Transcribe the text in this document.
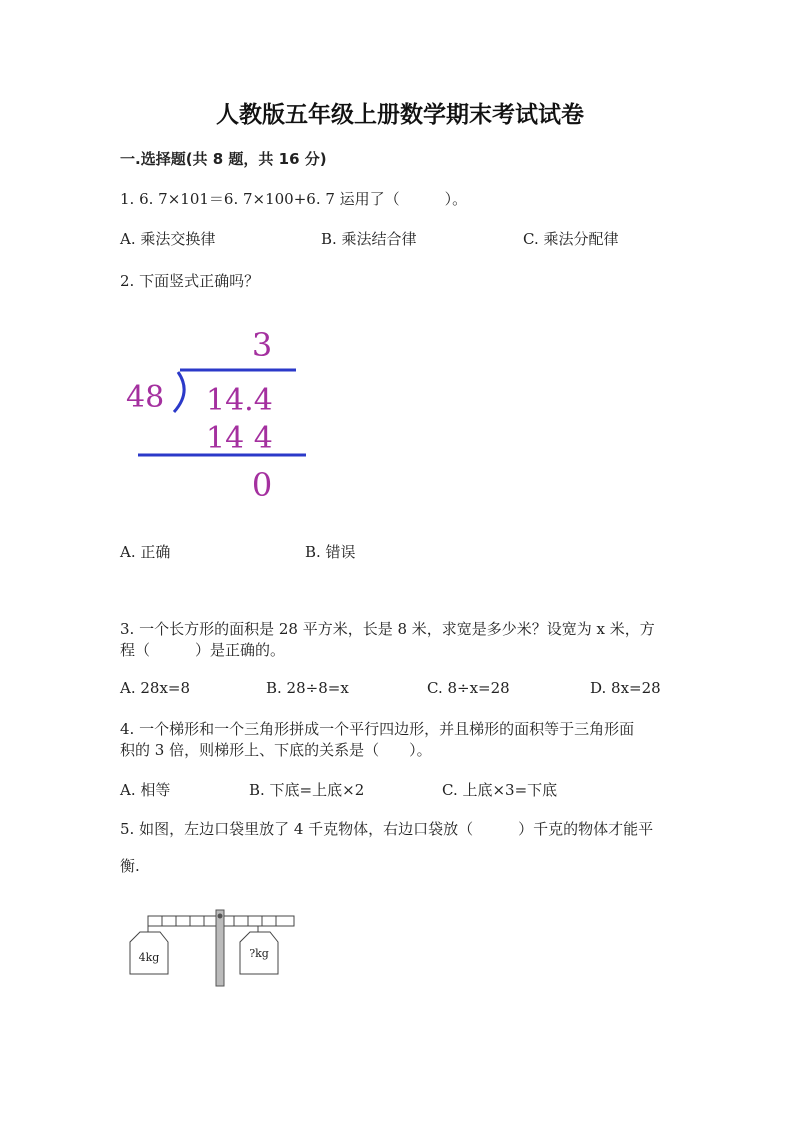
人教版五年级上册数学期末考试试卷
一.选择题(共 8 题，共 16 分)
1. 6. 7×101＝6. 7×100+6. 7 运用了（　　　）。
A. 乘法交换律	B. 乘法结合律	C. 乘法分配律
2. 下面竖式正确吗？
3
48 14.4
14 4
0
A. 正确	B. 错误
3. 一个长方形的面积是 28 平方米，长是 8 米，求宽是多少米？设宽为 x 米，方
程（　　　）是正确的。
A. 28x=8	B. 28÷8=x	C. 8÷x=28	D. 8x=28
4. 一个梯形和一个三角形拼成一个平行四边形，并且梯形的面积等于三角形面
积的 3 倍，则梯形上、下底的关系是（　　）。
A. 相等	B. 下底=上底×2	C. 上底×3=下底
5. 如图，左边口袋里放了 4 千克物体，右边口袋放（　　　）千克的物体才能平
衡.
4kg	?kg
